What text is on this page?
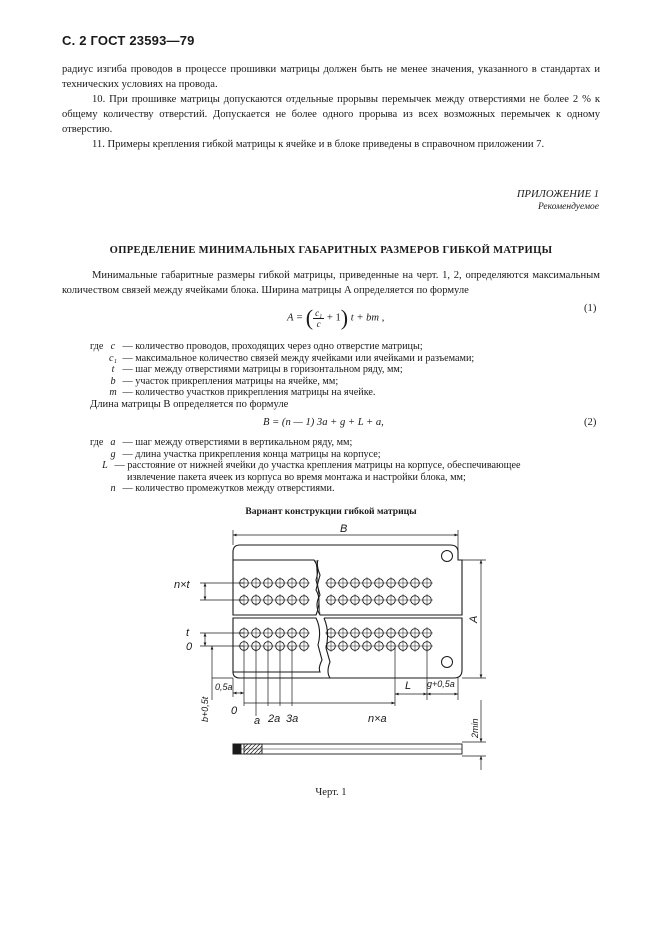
С. 2 ГОСТ 23593—79

радиус изгиба проводов в процессе прошивки матрицы должен быть не менее значения, указанного в стандартах и технических условиях на провода.

10. При прошивке матрицы допускаются отдельные прорывы перемычек между отверстиями не более 2 % к общему количеству отверстий. Допускается не более одного прорыва из всех возможных перемычек к одному отверстию.

11. Примеры крепления гибкой матрицы к ячейке и в блоке приведены в справочном приложении 7.

ПРИЛОЖЕНИЕ 1
Рекомендуемое
ОПРЕДЕЛЕНИЕ МИНИМАЛЬНЫХ ГАБАРИТНЫХ РАЗМЕРОВ ГИБКОЙ МАТРИЦЫ

Минимальные габаритные размеры гибкой матрицы, приведенные на черт. 1, 2, определяются максимальным количеством связей между ячейками блока. Ширина матрицы A определяется по формуле

A = ( $\frac{\text{c₁}}{c} + 1$) t + bm ,
(1)
где c — количество проводов, проходящих через одно отверстие матрицы;
c₁ — максимальное количество связей между ячейками или ячейками и разъемами;
t — шаг между отверстиями матрицы в горизонтальном ряду, мм;
b — участок прикрепления матрицы на ячейке, мм;
m — количество участков прикрепления матрицы на ячейке.
Длина матрицы B определяется по формуле
B = (n — 1) 3a + g + L + a,	(2)
где a — шаг между отверстиями в вертикальном ряду, мм;
g — длина участка прикрепления конца матрицы на корпусе;
L — расстояние от нижней ячейки до участка крепления матрицы на корпусе, обеспечивающее
извлечение пакета ячеек из корпуса во время монтажа и настройки блока, мм;
n — количество промежутков между отверстиями.
Вариант конструкции гибкой матрицы
B
A
n×t
t
0
0,5a
b+0,5t
L g+0,5a
0
a 2a 3a	n×a	2min
Черт. 1
